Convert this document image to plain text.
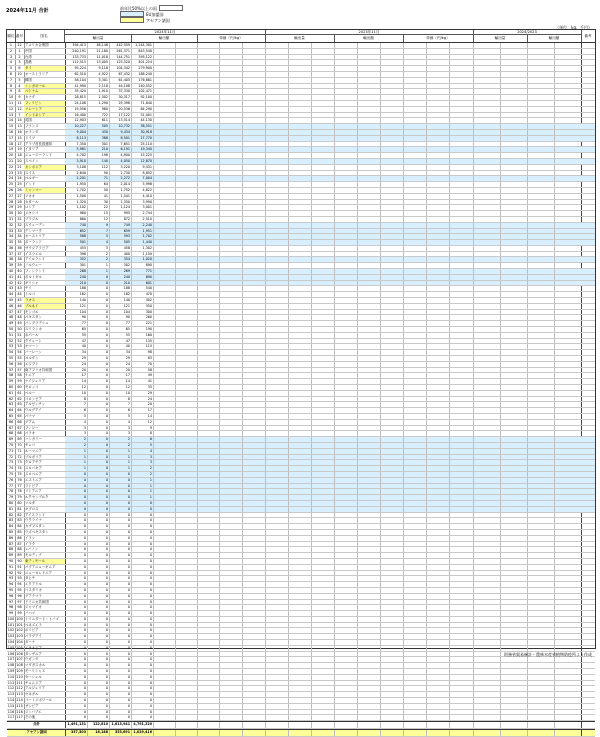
2024年11月 合計	前年比50%以上の国
EU加盟国
アセアン諸国
（単位：kg、千円）
順位 番号	国名
2024年11月	2023年11月	2024/2023
備考
輸出量	輸出額	単価（円/kg）	輸出量	輸出額	単価（円/kg）	輸出量	輸出額
1	22 アメリカ合衆国	394,413	48,146	442,559	1,244,301
2	1	中国	240,191	21,180	261,371	843,540
3	2	台湾	133,733	11,018	144,751	395,122
4	3	香港	112,515	13,005	125,520	401,224
5	6	タイ	95,224	9,118	104,342	279,900
6	10 オーストラリア	62,510	4,922	67,432	188,240
7	5	韓国	58,104	3,301	61,405	176,881
8	4	シンガポール	41,990	2,118	44,108	140,552
9	8	ベトナム	35,420	1,910	37,330	102,471
10	9	カナダ	28,815	1,502	30,317	92,100
11	11 フィリピン	24,108	1,290	25,398	71,840
12	12 マレーシア	19,556	980	20,536	64,290
13	7	インドネシア	16,400	722	17,122	51,001
14	14 英国	12,903	611	13,514	44,130
15	13 フランス	10,227	505	10,732	38,551
16	16 オランダ	9,004	430	9,434	30,918
17	15 ドイツ	8,113	388	8,501	27,770
18	17 アラブ首長国連邦	7,350	301	7,651	25,110
19	19 イタリア	5,981	210	6,191	19,340
20	18 ニュージーランド	4,702	198	4,900	15,225
21	20 スペイン	3,910	140	4,050	12,870
22	21 カンボジア	3,108	112	3,220	9,431
23	23 スイス	2,640	90	2,730	8,852
24	24 ベルギー	2,201	71	2,272	7,004
25	25 インド	1,950	64	2,014	5,998
26	26 ミャンマー	1,702	50	1,752	4,822
27	27 マカオ	1,500	41	1,541	4,410
28	28 カタール	1,320	30	1,350	3,990
29	29 ロシア	1,102	22	1,124	3,001
30	30 メキシコ	980	15	995	2,744
31	31 ブラジル	860	12	872	2,510
32	32 スウェーデン	740	9	749	2,240
33	33 デンマーク	652	7	659	1,951
34	34 オーストリア	588	5	593	1,702
35	35 ポーランド	501	4	505	1,440
36	36 サウジアラビア	455	3	458	1,302
37	37 イスラエル	398	2	400	1,150
38	38 アイルランド	352	2	354	1,020
39	39 ノルウェー	301	1	302	890
40	40 フィンランド	268	1	269	771
41	41 ポルトガル	240	0	240	690
42	42 ギリシャ	210	0	210	601
43	43 チリ	188	0	188	540
44	44 トルコ	162	0	162	470
45	45 ラオス	140	0	140	402
46	46 ブルネイ	121	0	121	350
47	47 モンゴル	104	0	104	300
48	48 パキスタン	90	0	90	260
49	49 バングラデシュ	77	0	77	221
50	50 スリランカ	65	0	65	190
51	51 ネパール	55	0	55	160
52	52 クウェート	47	0	47	135
53	53 オマーン	40	0	40	115
54	54 バーレーン	34	0	34	98
55	55 ヨルダン	29	0	29	83
56	56 エジプト	24	0	24	70
57	57 南アフリカ共和国	20	0	20	58
58	58 ケニア	17	0	17	49
59	59 ナイジェリア	14	0	14	41
60	60 モロッコ	12	0	12	35
61	61 ペルー	10	0	10	29
62	62 コロンビア	8	0	8	24
63	63 アルゼンチン	7	0	7	20
64	64 ウルグアイ	6	0	6	17
65	65 パナマ	5	0	5	14
66	66 グアム	4	0	4	12
67	67 フィジー	3	0	3	9
68	68 パラオ	3	0	3	8
69	69 ハンガリー	2	0	2	6
70	70 チェコ	2	0	2	5
71	71 ルーマニア	1	0	1	4
72	72 ブルガリア	1	0	1	3
73	73 クロアチア	1	0	1	3
74	74 スロバキア	1	0	1	2
75	75 スロベニア	0	0	0	2
76	76 エストニア	0	0	0	1
77	77 ラトビア	0	0	0	1
78	78 リトアニア	0	0	0	1
79	79 ルクセンブルク	0	0	0	1
80	80 マルタ	0	0	0	0
81	81 キプロス	0	0	0	0
82	82 アイスランド	0	0	0	0
83	83 ウクライナ	0	0	0	0
84	84 カザフスタン	0	0	0	0
85	85 ウズベキスタン	0	0	0	0
86	86 イラン	0	0	0	0
87	87 イラク	0	0	0	0
88	88 レバノン	0	0	0	0
89	89 モルディブ	0	0	0	0
90	90 東ティモール	0	0	0	0
91	91 パプアニューギニア	0	0	0	0
92	92 ニューカレドニア	0	0	0	0
93	93 タヒチ	0	0	0	0
94	94 エクアドル	0	0	0	0
95	95 コスタリカ	0	0	0	0
96	96 グアテマラ	0	0	0	0
97	97 ドミニカ共和国	0	0	0	0
98	98 ジャマイカ	0	0	0	0
99	99 バハマ	0	0	0	0
100 100 トリニダード・トバゴ	0	0	0	0
101 101 ベネズエラ	0	0	0	0
102 102 ボリビア	0	0	0	0
103 103 パラグアイ	0	0	0	0
104 104 ガーナ	0	0	0	0
105 105 エチオピア	0	0	0	0
106 106 タンザニア	0	0	0	0
107 107 ウガンダ	0	0	0	0
108 108 マダガスカル	0	0	0	0
109 109 モーリシャス	0	0	0	0
110 110 セーシェル	0	0	0	0
111 111 チュニジア	0	0	0	0
112 112 アルジェリア	0	0	0	0
113 113 セネガル	0	0	0	0
114 114 コートジボワール	0	0	0	0
115 115 ザンビア	0	0	0	0
116 116 ジンバブエ	0	0	0	0
117 117 その他	0	0	0	0
合計	1,491,131	122,810	1,613,941	4,791,220
アセアン諸国	337,503	16,188	353,691	1,029,416
財務省貿易統計・農林水産省植物防疫所より作成
